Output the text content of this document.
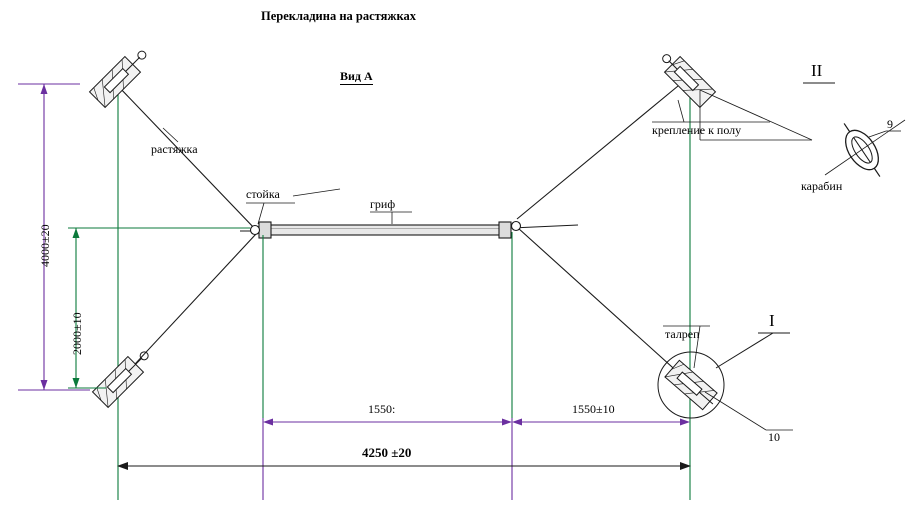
Перекладина на растяжках
Вид А
растяжка
стойка
гриф
крепление к полу
талреп
карабин
II
I
9
10
4000±20
2000±10
1550:	1550±10
4250 ±20
